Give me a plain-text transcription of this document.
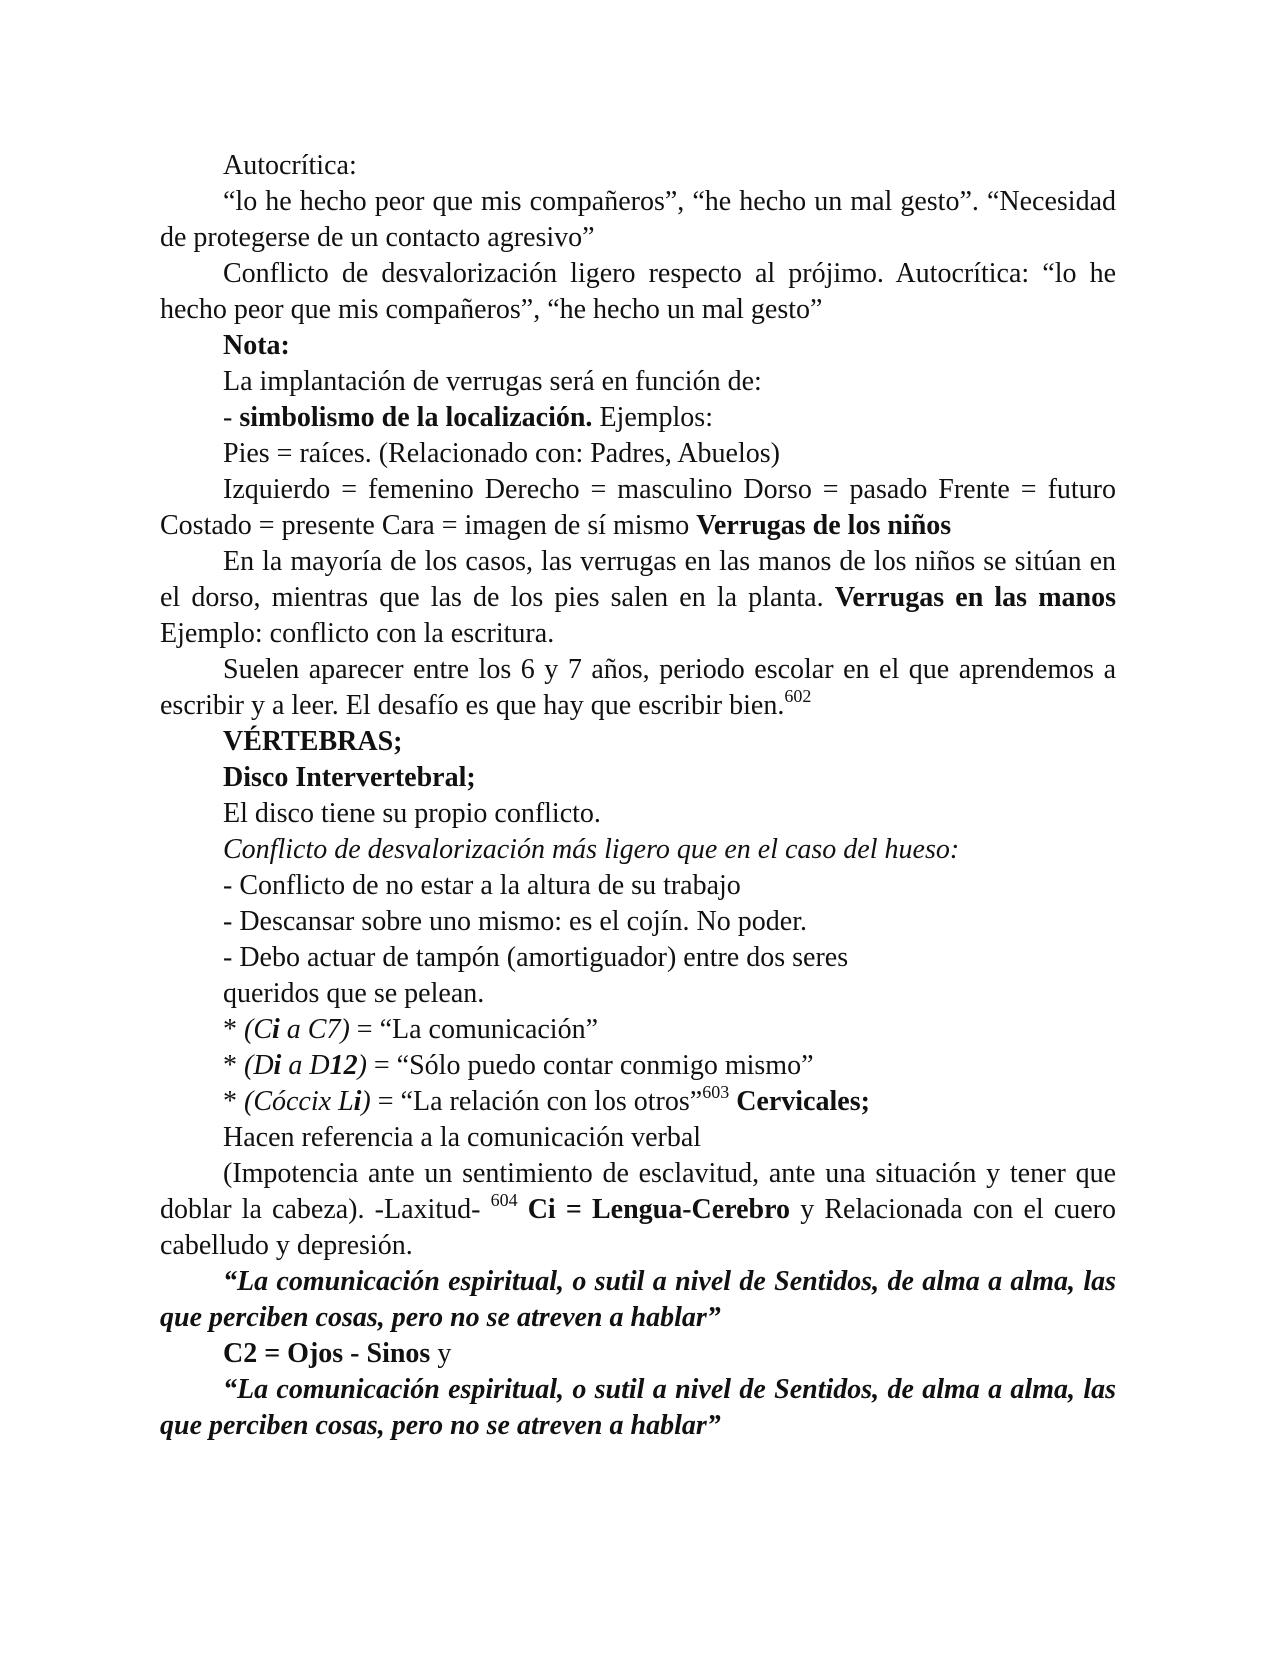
Autocrítica:

“lo he hecho peor que mis compañeros”, “he hecho un mal gesto”. “Necesidad de protegerse de un contacto agresivo”

Conflicto de desvalorización ligero respecto al prójimo. Autocrítica: “lo he hecho peor que mis compañeros”, “he hecho un mal gesto”

Nota:

La implantación de verrugas será en función de:

- simbolismo de la localización. Ejemplos:

Pies = raíces. (Relacionado con: Padres, Abuelos)

Izquierdo = femenino Derecho = masculino Dorso = pasado Frente = futuro Costado = presente Cara = imagen de sí mismo Verrugas de los niños

En la mayoría de los casos, las verrugas en las manos de los niños se sitúan en el dorso, mientras que las de los pies salen en la planta. Verrugas en las manos Ejemplo: conflicto con la escritura.

Suelen aparecer entre los 6 y 7 años, periodo escolar en el que aprendemos a escribir y a leer. El desafío es que hay que escribir bien.$^{602}$

VÉRTEBRAS;

Disco Intervertebral;

El disco tiene su propio conflicto.

Conflicto de desvalorización más ligero que en el caso del hueso:

- Conflicto de no estar a la altura de su trabajo

- Descansar sobre uno mismo: es el cojín. No poder.

- Debo actuar de tampón (amortiguador) entre dos seres queridos que se pelean.

* (Ci a C7) = “La comunicación”

* (Di a D12) = “Sólo puedo contar conmigo mismo”

* (Cóccix Li) = “La relación con los otros”$^{603}$ Cervicales;

Hacen referencia a la comunicación verbal

(Impotencia ante un sentimiento de esclavitud, ante una situación y tener que doblar la cabeza). -Laxitud- $^{604}$ Ci = Lengua-Cerebro y Relacionada con el cuero cabelludo y depresión.

“La comunicación espiritual, o sutil a nivel de Sentidos, de alma a alma, las que perciben cosas, pero no se atreven a hablar”

C2 = Ojos - Sinos y

“La comunicación espiritual, o sutil a nivel de Sentidos, de alma a alma, las que perciben cosas, pero no se atreven a hablar”
